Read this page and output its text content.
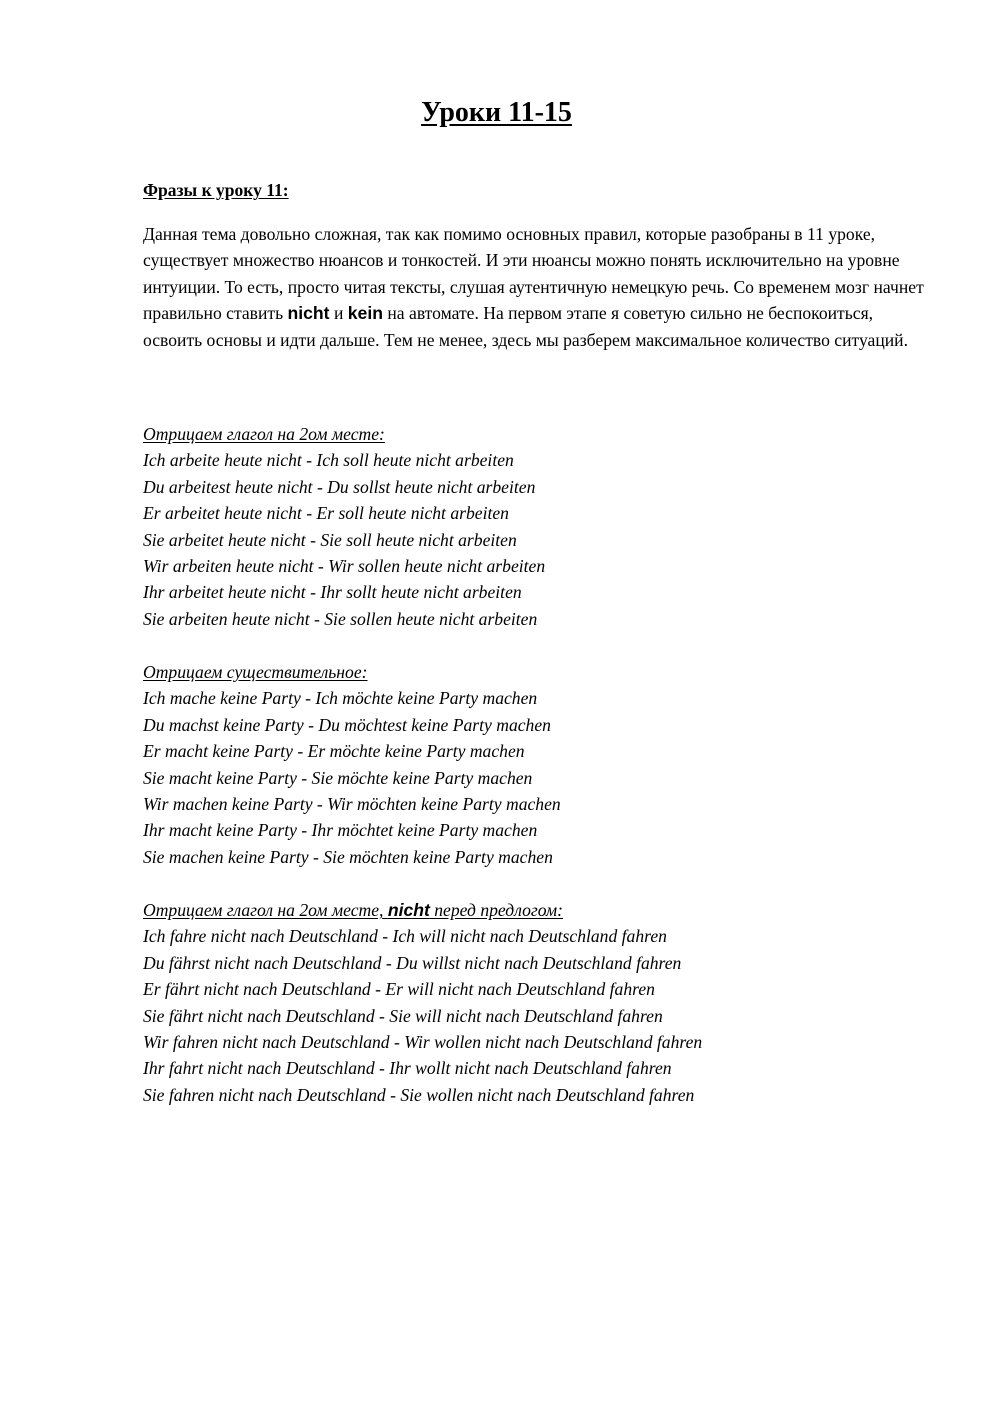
Уроки 11-15
Фразы к уроку 11:
Данная тема довольно сложная, так как помимо основных правил, которые разобраны в 11 уроке, существует множество нюансов и тонкостей. И эти нюансы можно понять исключительно на уровне интуиции. То есть, просто читая тексты, слушая аутентичную немецкую речь. Со временем мозг начнет правильно ставить nicht и kein на автомате. На первом этапе я советую сильно не беспокоиться, освоить основы и идти дальше. Тем не менее, здесь мы разберем максимальное количество ситуаций.
Отрицаем глагол на 2ом месте:
Ich arbeite heute nicht - Ich soll heute nicht arbeiten
Du arbeitest heute nicht - Du sollst heute nicht arbeiten
Er arbeitet heute nicht - Er soll heute nicht arbeiten
Sie arbeitet heute nicht - Sie soll heute nicht arbeiten
Wir arbeiten heute nicht - Wir sollen heute nicht arbeiten
Ihr arbeitet heute nicht - Ihr sollt heute nicht arbeiten
Sie arbeiten heute nicht - Sie sollen heute nicht arbeiten
Отрицаем существительное:
Ich mache keine Party - Ich möchte keine Party machen
Du machst keine Party - Du möchtest keine Party machen
Er macht keine Party - Er möchte keine Party machen
Sie macht keine Party - Sie möchte keine Party machen
Wir machen keine Party - Wir möchten keine Party machen
Ihr macht keine Party - Ihr möchtet keine Party machen
Sie machen keine Party - Sie möchten keine Party machen
Отрицаем глагол на 2ом месте, nicht перед предлогом:
Ich fahre nicht nach Deutschland - Ich will nicht nach Deutschland fahren
Du fährst nicht nach Deutschland - Du willst nicht nach Deutschland fahren
Er fährt nicht nach Deutschland - Er will nicht nach Deutschland fahren
Sie fährt nicht nach Deutschland - Sie will nicht nach Deutschland fahren
Wir fahren nicht nach Deutschland - Wir wollen nicht nach Deutschland fahren
Ihr fahrt nicht nach Deutschland - Ihr wollt nicht nach Deutschland fahren
Sie fahren nicht nach Deutschland - Sie wollen nicht nach Deutschland fahren
